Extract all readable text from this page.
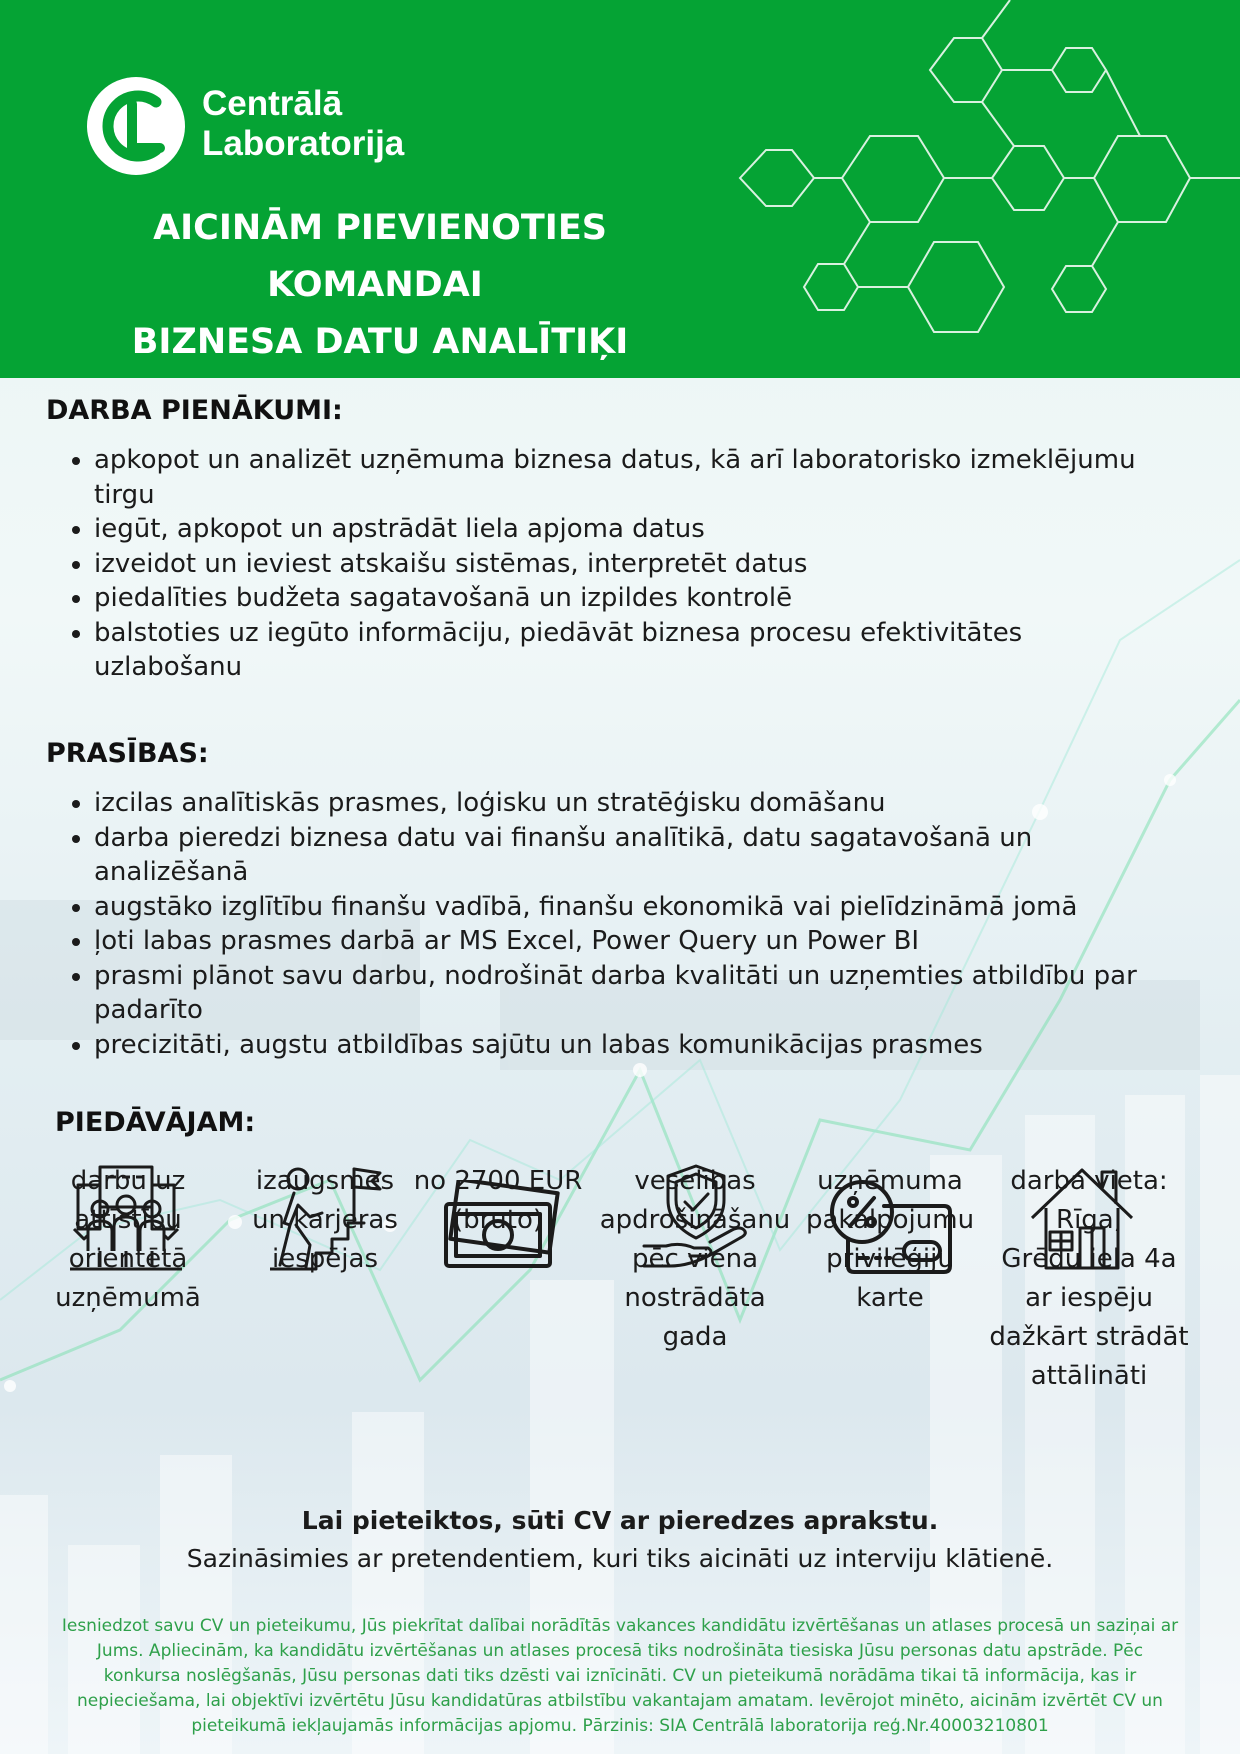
Centrālā
Laboratorija
AICINĀM PIEVIENOTIES
KOMANDAI
BIZNESA DATU ANALĪTIĶI
DARBA PIENĀKUMI:
• apkopot un analizēt uzņēmuma biznesa datus, kā arī laboratorisko izmeklējumu tirgu
• iegūt, apkopot un apstrādāt liela apjoma datus
• izveidot un ieviest atskaišu sistēmas, interpretēt datus
• piedalīties budžeta sagatavošanā un izpildes kontrolē
• balstoties uz iegūto informāciju, piedāvāt biznesa procesu efektivitātes uzlabošanu
PRASĪBAS:
• izcilas analītiskās prasmes, loģisku un stratēģisku domāšanu
• darba pieredzi biznesa datu vai finanšu analītikā, datu sagatavošanā un analizēšanā
• augstāko izglītību finanšu vadībā, finanšu ekonomikā vai pielīdzināmā jomā
• ļoti labas prasmes darbā ar MS Excel, Power Query un Power BI
• prasmi plānot savu darbu, nodrošināt darba kvalitāti un uzņemties atbildību par padarīto
• precizitāti, augstu atbildības sajūtu un labas komunikācijas prasmes
PIEDĀVĀJAM:
darbu uz
attīstību
orientētā
uzņēmumā
izaugsmes
un karjeras
iespējas
no 2700 EUR
(bruto)
veselības
apdrošināšanu
pēc viena
nostrādāta
gada
uzņēmuma
pakalpojumu
privilēģiju
karte
darba vieta:
Rīga,
Grēdu iela 4a
ar iespēju
dažkārt strādāt
attālināti
Lai pieteiktos, sūti CV ar pieredzes aprakstu.
Sazināsimies ar pretendentiem, kuri tiks aicināti uz interviju klātienē.
Iesniedzot savu CV un pieteikumu, Jūs piekrītat dalībai norādītās vakances kandidātu izvērtēšanas un atlases procesā un saziņai ar Jums. Apliecinām, ka kandidātu izvērtēšanas un atlases procesā tiks nodrošināta tiesiska Jūsu personas datu apstrāde. Pēc konkursa noslēgšanās, Jūsu personas dati tiks dzēsti vai iznīcināti. CV un pieteikumā norādāma tikai tā informācija, kas ir nepieciešama, lai objektīvi izvērtētu Jūsu kandidatūras atbilstību vakantajam amatam. Ievērojot minēto, aicinām izvērtēt CV un pieteikumā iekļaujamās informācijas apjomu. Pārzinis: SIA Centrālā laboratorija reģ.Nr.40003210801
